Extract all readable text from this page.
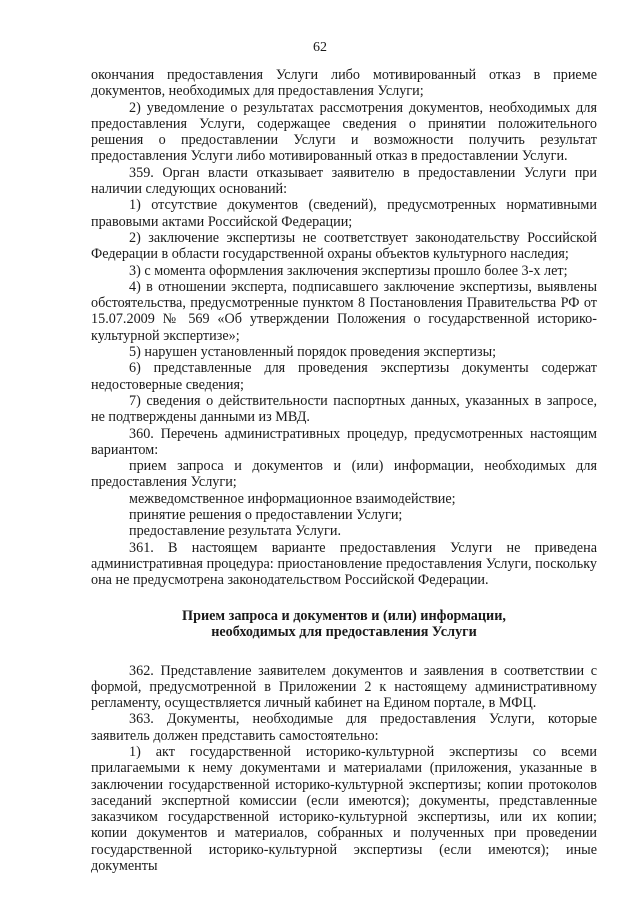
62

окончания предоставления Услуги либо мотивированный отказ в приеме документов, необходимых для предоставления Услуги;

2) уведомление о результатах рассмотрения документов, необходимых для предоставления Услуги, содержащее сведения о принятии положительного решения о предоставлении Услуги и возможности получить результат предоставления Услуги либо мотивированный отказ в предоставлении Услуги.

359. Орган власти отказывает заявителю в предоставлении Услуги при наличии следующих оснований:

1) отсутствие документов (сведений), предусмотренных нормативными правовыми актами Российской Федерации;

2) заключение экспертизы не соответствует законодательству Российской Федерации в области государственной охраны объектов культурного наследия;

3) с момента оформления заключения экспертизы прошло более 3-х лет;

4) в отношении эксперта, подписавшего заключение экспертизы, выявлены обстоятельства, предусмотренные пунктом 8 Постановления Правительства РФ от 15.07.2009 № 569 «Об утверждении Положения о государственной историко-культурной экспертизе»;

5) нарушен установленный порядок проведения экспертизы;

6) представленные для проведения экспертизы документы содержат недостоверные сведения;

7) сведения о действительности паспортных данных, указанных в запросе, не подтверждены данными из МВД.

360. Перечень административных процедур, предусмотренных настоящим вариантом:

прием запроса и документов и (или) информации, необходимых для предоставления Услуги;

межведомственное информационное взаимодействие;

принятие решения о предоставлении Услуги;

предоставление результата Услуги.

361. В настоящем варианте предоставления Услуги не приведена административная процедура: приостановление предоставления Услуги, поскольку она не предусмотрена законодательством Российской Федерации.

Прием запроса и документов и (или) информации,
необходимых для предоставления Услуги

362. Представление заявителем документов и заявления в соответствии с формой, предусмотренной в Приложении 2 к настоящему административному регламенту, осуществляется личный кабинет на Едином портале, в МФЦ.

363. Документы, необходимые для предоставления Услуги, которые заявитель должен представить самостоятельно:

1) акт государственной историко-культурной экспертизы со всеми прилагаемыми к нему документами и материалами (приложения, указанные в заключении государственной историко-культурной экспертизы; копии протоколов заседаний экспертной комиссии (если имеются); документы, представленные заказчиком государственной историко-культурной экспертизы, или их копии; копии документов и материалов, собранных и полученных при проведении государственной историко-культурной экспертизы (если имеются); иные документы
